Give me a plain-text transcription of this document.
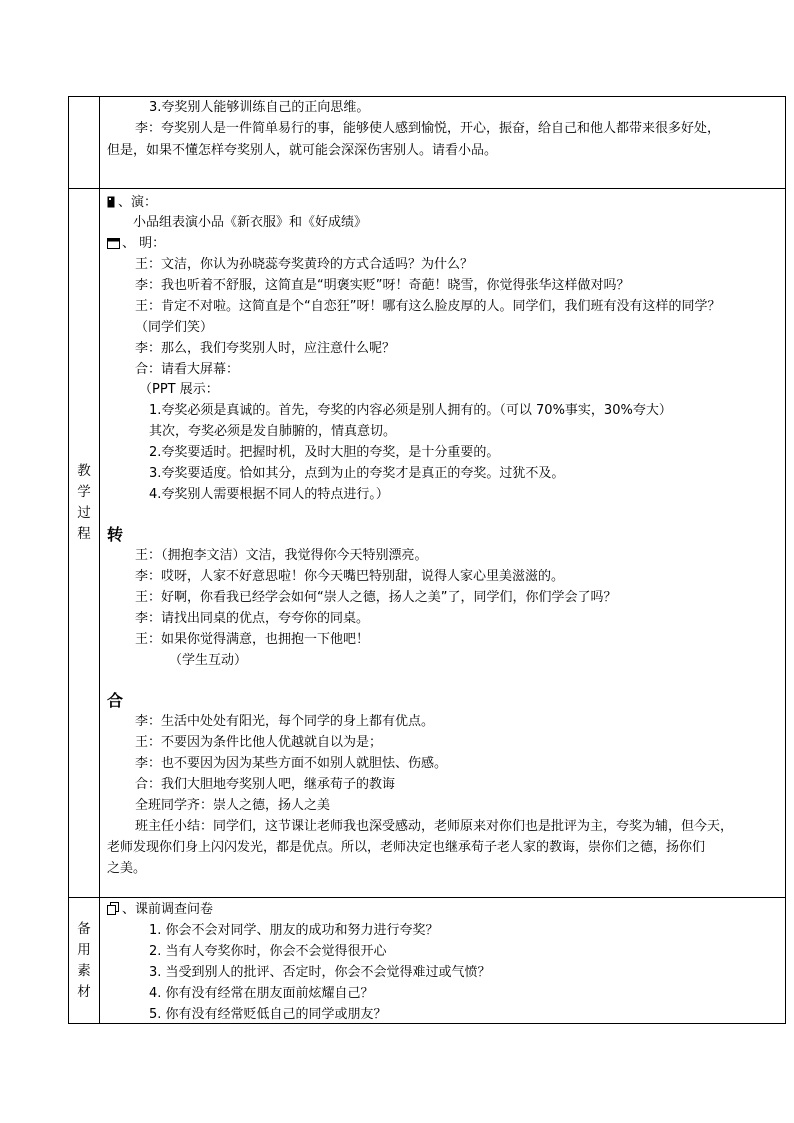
3.夸奖别人能够训练自己的正向思维。
李：夸奖别人是一件简单易行的事，能够使人感到愉悦，开心，振奋，给自己和他人都带来很多好处，
但是，如果不懂怎样夸奖别人，就可能会深深伤害别人。请看小品。
教
学
过
程
、演：
小品组表演小品《新衣服》和《好成绩》
、 明：
王：文洁，你认为孙晓蕊夸奖黄玲的方式合适吗？为什么？
李：我也听着不舒服，这简直是“明褒实贬”呀！奇葩！晓雪，你觉得张华这样做对吗？
王：肯定不对啦。这简直是个“自恋狂”呀！哪有这么脸皮厚的人。同学们，我们班有没有这样的同学？
（同学们笑）
李：那么，我们夸奖别人时，应注意什么呢？
合：请看大屏幕：
（PPT 展示：
1.夸奖必须是真诚的。首先，夸奖的内容必须是别人拥有的。（可以 70%事实，30%夸大）
其次，夸奖必须是发自肺腑的，情真意切。
2.夸奖要适时。把握时机，及时大胆的夸奖，是十分重要的。
3.夸奖要适度。恰如其分，点到为止的夸奖才是真正的夸奖。过犹不及。
4.夸奖别人需要根据不同人的特点进行。）
转
王：（拥抱李文洁）文洁，我觉得你今天特别漂亮。
李：哎呀，人家不好意思啦！你今天嘴巴特别甜，说得人家心里美滋滋的。
王：好啊，你看我已经学会如何“崇人之德，扬人之美”了，同学们，你们学会了吗？
李：请找出同桌的优点，夸夸你的同桌。
王：如果你觉得满意，也拥抱一下他吧！
（学生互动）
合
李：生活中处处有阳光，每个同学的身上都有优点。
王：不要因为条件比他人优越就自以为是；
李：也不要因为因为某些方面不如别人就胆怯、伤感。
合：我们大胆地夸奖别人吧，继承荀子的教诲
全班同学齐：崇人之德，扬人之美
班主任小结：同学们，这节课让老师我也深受感动，老师原来对你们也是批评为主，夸奖为辅，但今天，
老师发现你们身上闪闪发光，都是优点。所以，老师决定也继承荀子老人家的教诲，崇你们之德，扬你们
之美。
备
用
素
材
、课前调查问卷
1. 你会不会对同学、朋友的成功和努力进行夸奖？
2. 当有人夸奖你时，你会不会觉得很开心
3. 当受到别人的批评、否定时，你会不会觉得难过或气愤？
4. 你有没有经常在朋友面前炫耀自己？
5. 你有没有经常贬低自己的同学或朋友？
